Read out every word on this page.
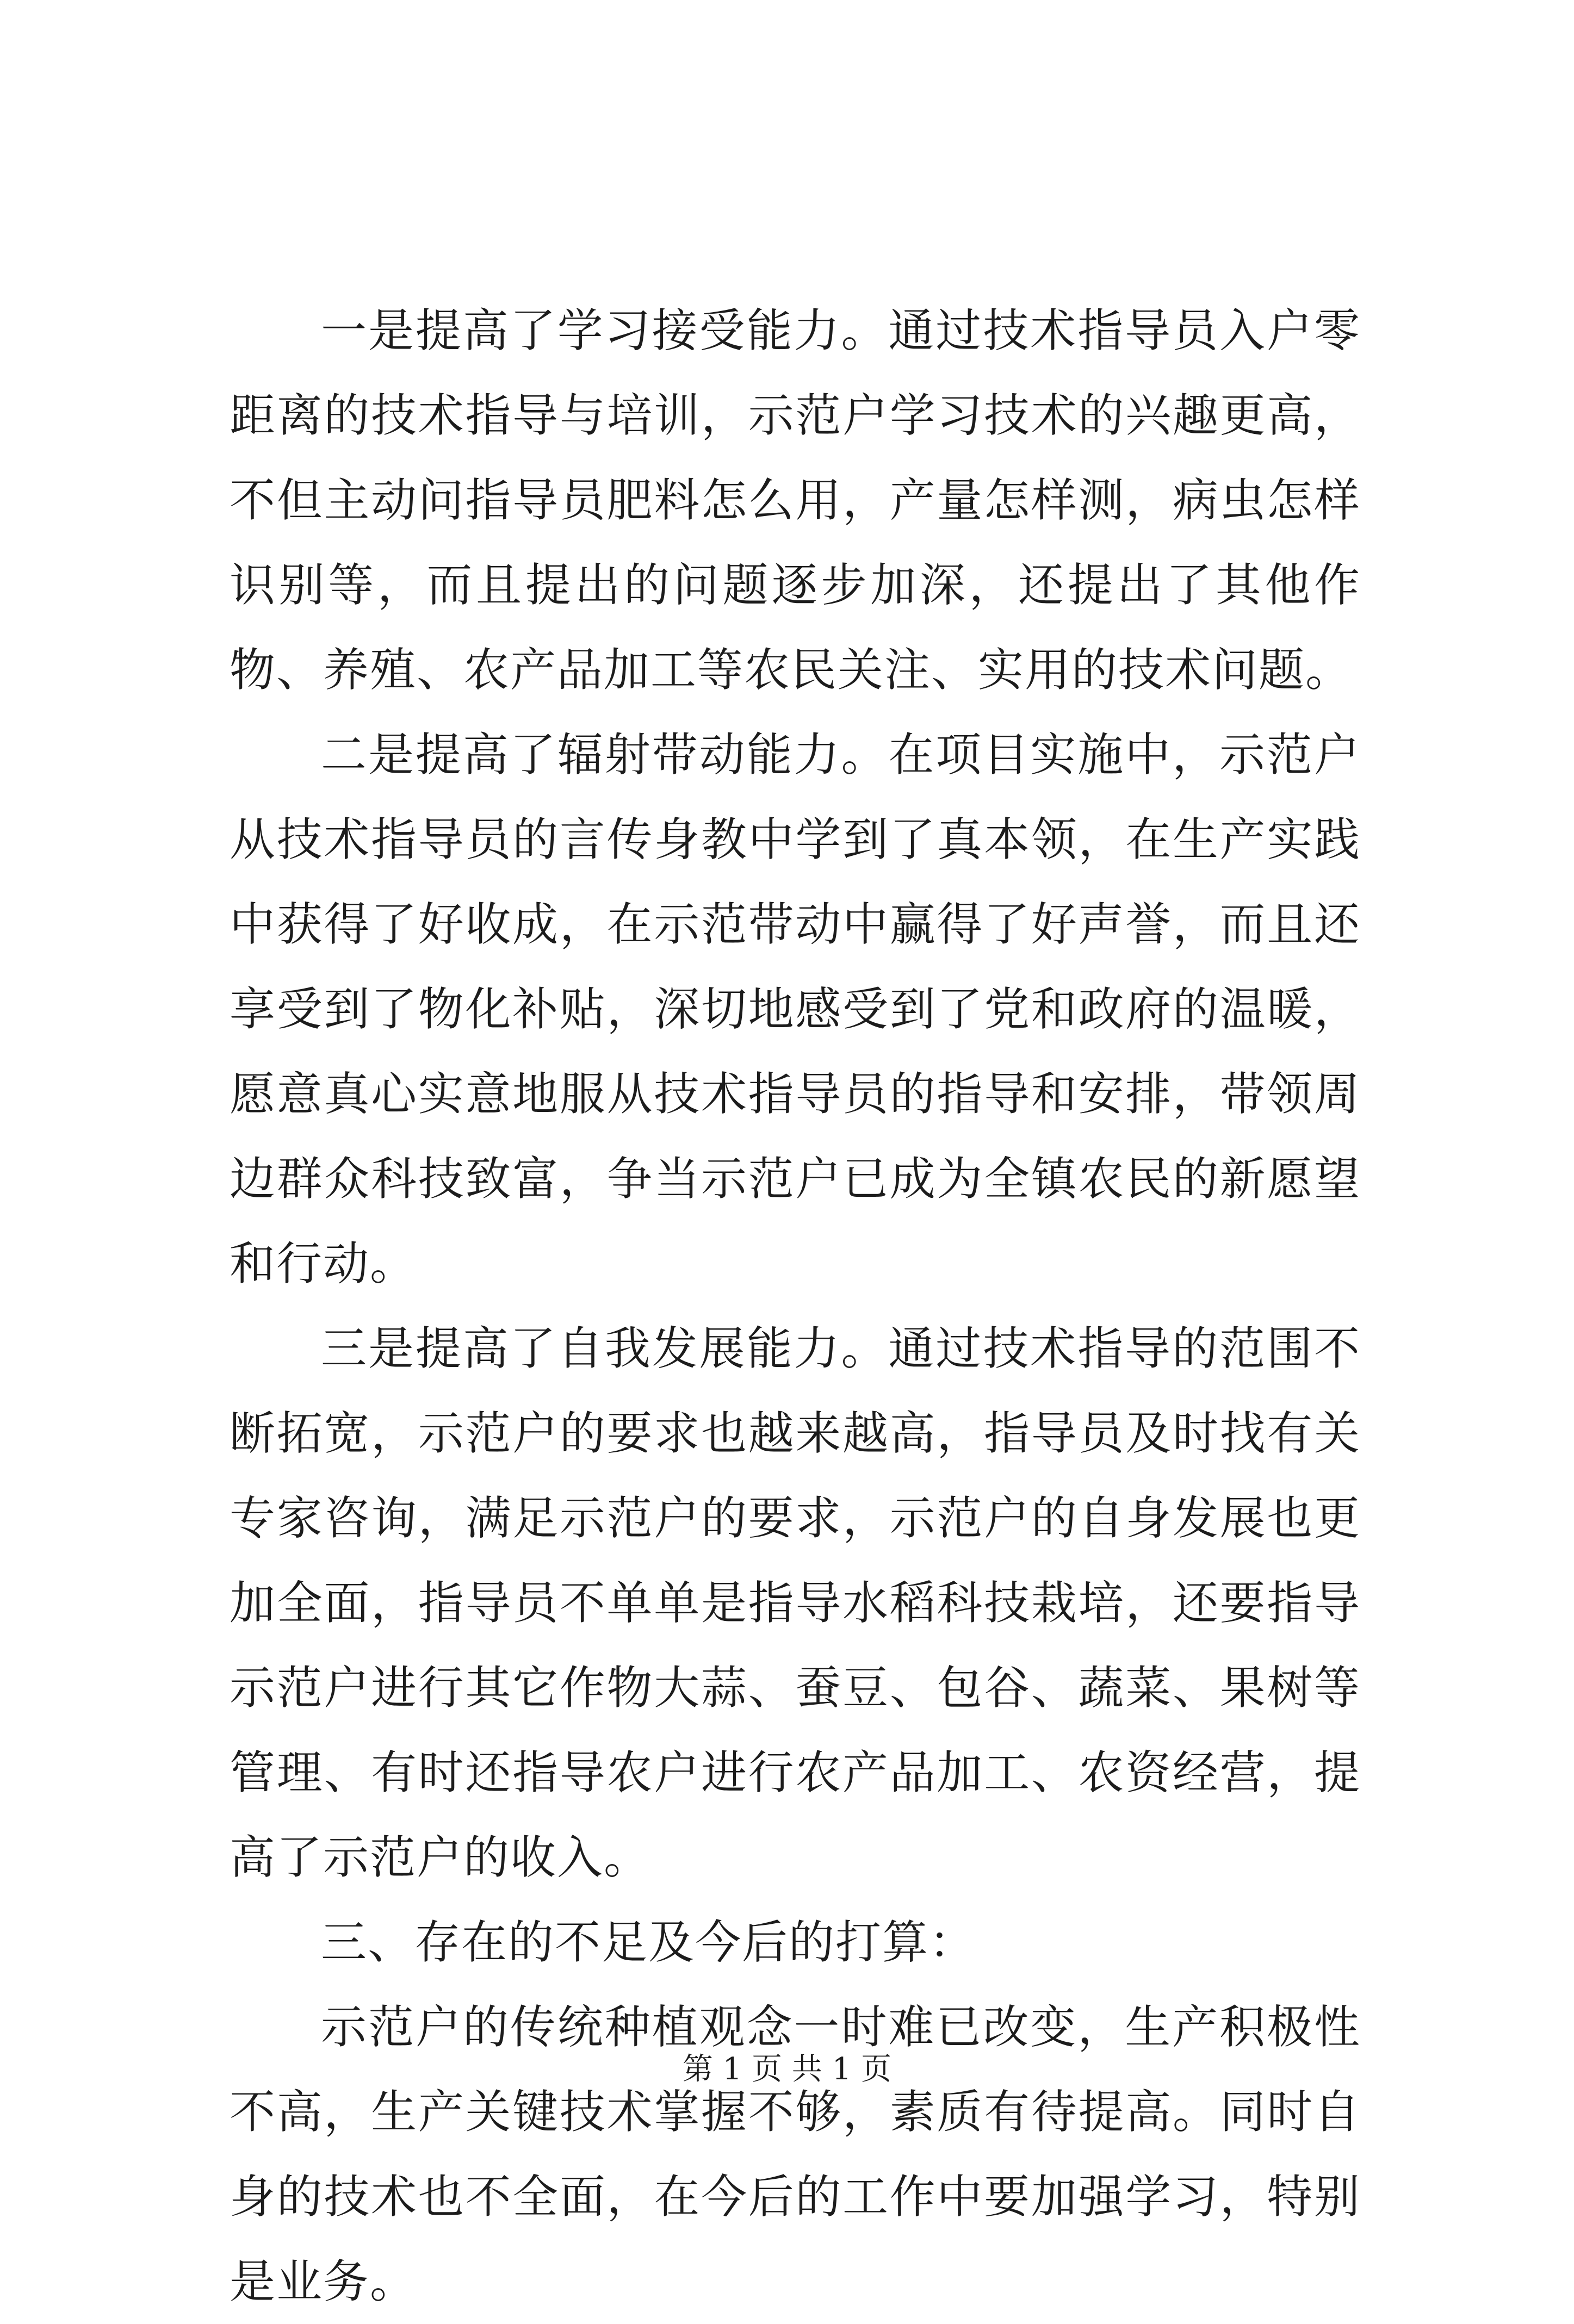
一是提高了学习接受能力。通过技术指导员入户零距离的技术指导与培训，示范户学习技术的兴趣更高，不但主动问指导员肥料怎么用，产量怎样测，病虫怎样识别等，而且提出的问题逐步加深，还提出了其他作物、养殖、农产品加工等农民关注、实用的技术问题。

二是提高了辐射带动能力。在项目实施中，示范户从技术指导员的言传身教中学到了真本领，在生产实践中获得了好收成，在示范带动中赢得了好声誉，而且还享受到了物化补贴，深切地感受到了党和政府的温暖，愿意真心实意地服从技术指导员的指导和安排，带领周边群众科技致富，争当示范户已成为全镇农民的新愿望和行动。

三是提高了自我发展能力。通过技术指导的范围不断拓宽，示范户的要求也越来越高，指导员及时找有关专家咨询，满足示范户的要求，示范户的自身发展也更加全面，指导员不单单是指导水稻科技栽培，还要指导示范户进行其它作物大蒜、蚕豆、包谷、蔬菜、果树等管理、有时还指导农户进行农产品加工、农资经营，提高了示范户的收入。

三、存在的不足及今后的打算：

示范户的传统种植观念一时难已改变，生产积极性不高，生产关键技术掌握不够，素质有待提高。同时自身的技术也不全面，在今后的工作中要加强学习，特别是业务。

第 1 页 共 1 页
